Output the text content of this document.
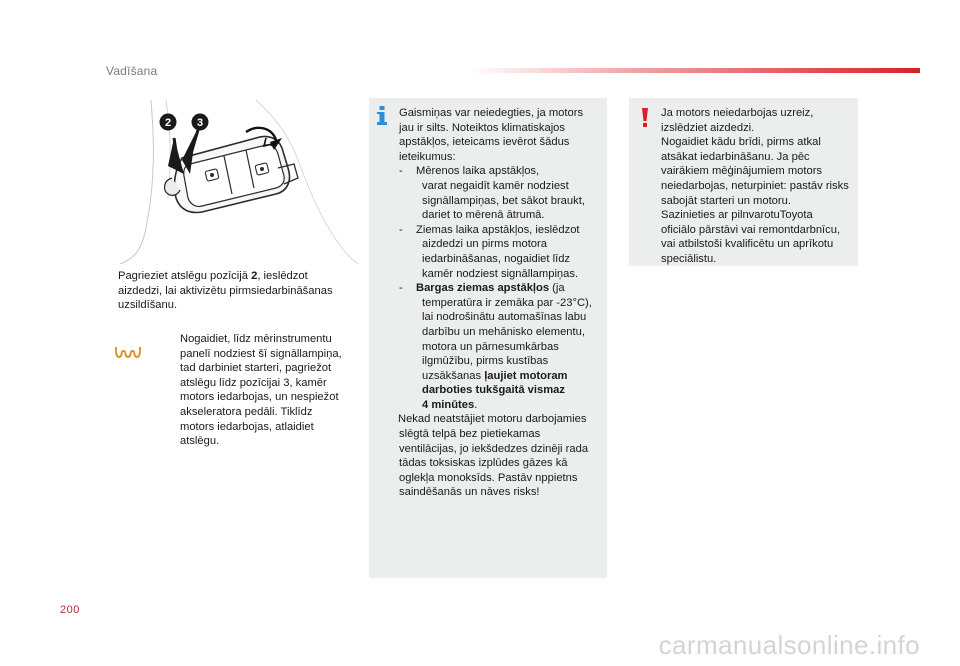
Vadīšana
2 3
Pagrieziet atslēgu pozīcijā 2, ieslēdzot
aizdedzi, lai aktivizētu pirmsiedarbināšanas
uzsildīšanu.
Nogaidiet, līdz mērinstrumentu
panelī nodziest šī signāllampiņa,
tad darbiniet starteri, pagriežot
atslēgu līdz pozīcijai 3, kamēr
motors iedarbojas, un nespiežot
akseleratora pedāli. Tiklīdz
motors iedarbojas, atlaidiet
atslēgu.
Gaismiņas var neiedegties, ja motors
jau ir silts. Noteiktos klimatiskajos
apstākļos, ieteicams ievērot šādus
ieteikumus:
- Mērenos laika apstākļos,
varat negaidīt kamēr nodziest
signāllampiņas, bet sākot braukt,
dariet to mērenā ātrumā.
- Ziemas laika apstākļos, ieslēdzot
aizdedzi un pirms motora
iedarbināšanas, nogaidiet līdz
kamēr nodziest signāllampiņas.
- Bargas ziemas apstākļos (ja
temperatūra ir zemāka par -23°C),
lai nodrošinātu automašīnas labu
darbību un mehānisko elementu,
motora un pārnesumkārbas
ilgmūžību, pirms kustības
uzsākšanas ļaujiet motoram
darboties tukšgaitā vismaz
4 minūtes.
Nekad neatstājiet motoru darbojamies
slēgtā telpā bez pietiekamas
ventilācijas, jo iekšdedzes dzinēji rada
tādas toksiskas izplūdes gāzes kā
oglekļa monoksīds. Pastāv nppietns
saindēšanās un nāves risks!
Ja motors neiedarbojas uzreiz,
izslēdziet aizdedzi.
Nogaidiet kādu brīdi, pirms atkal
atsākat iedarbināšanu. Ja pēc
vairākiem mēģinājumiem motors
neiedarbojas, neturpiniet: pastāv risks
sabojāt starteri un motoru.
Sazinieties ar pilnvarotuToyota
oficiālo pārstāvi vai remontdarbnīcu,
vai atbilstoši kvalificētu un aprīkotu
speciālistu.
200
carmanualsonline.info
